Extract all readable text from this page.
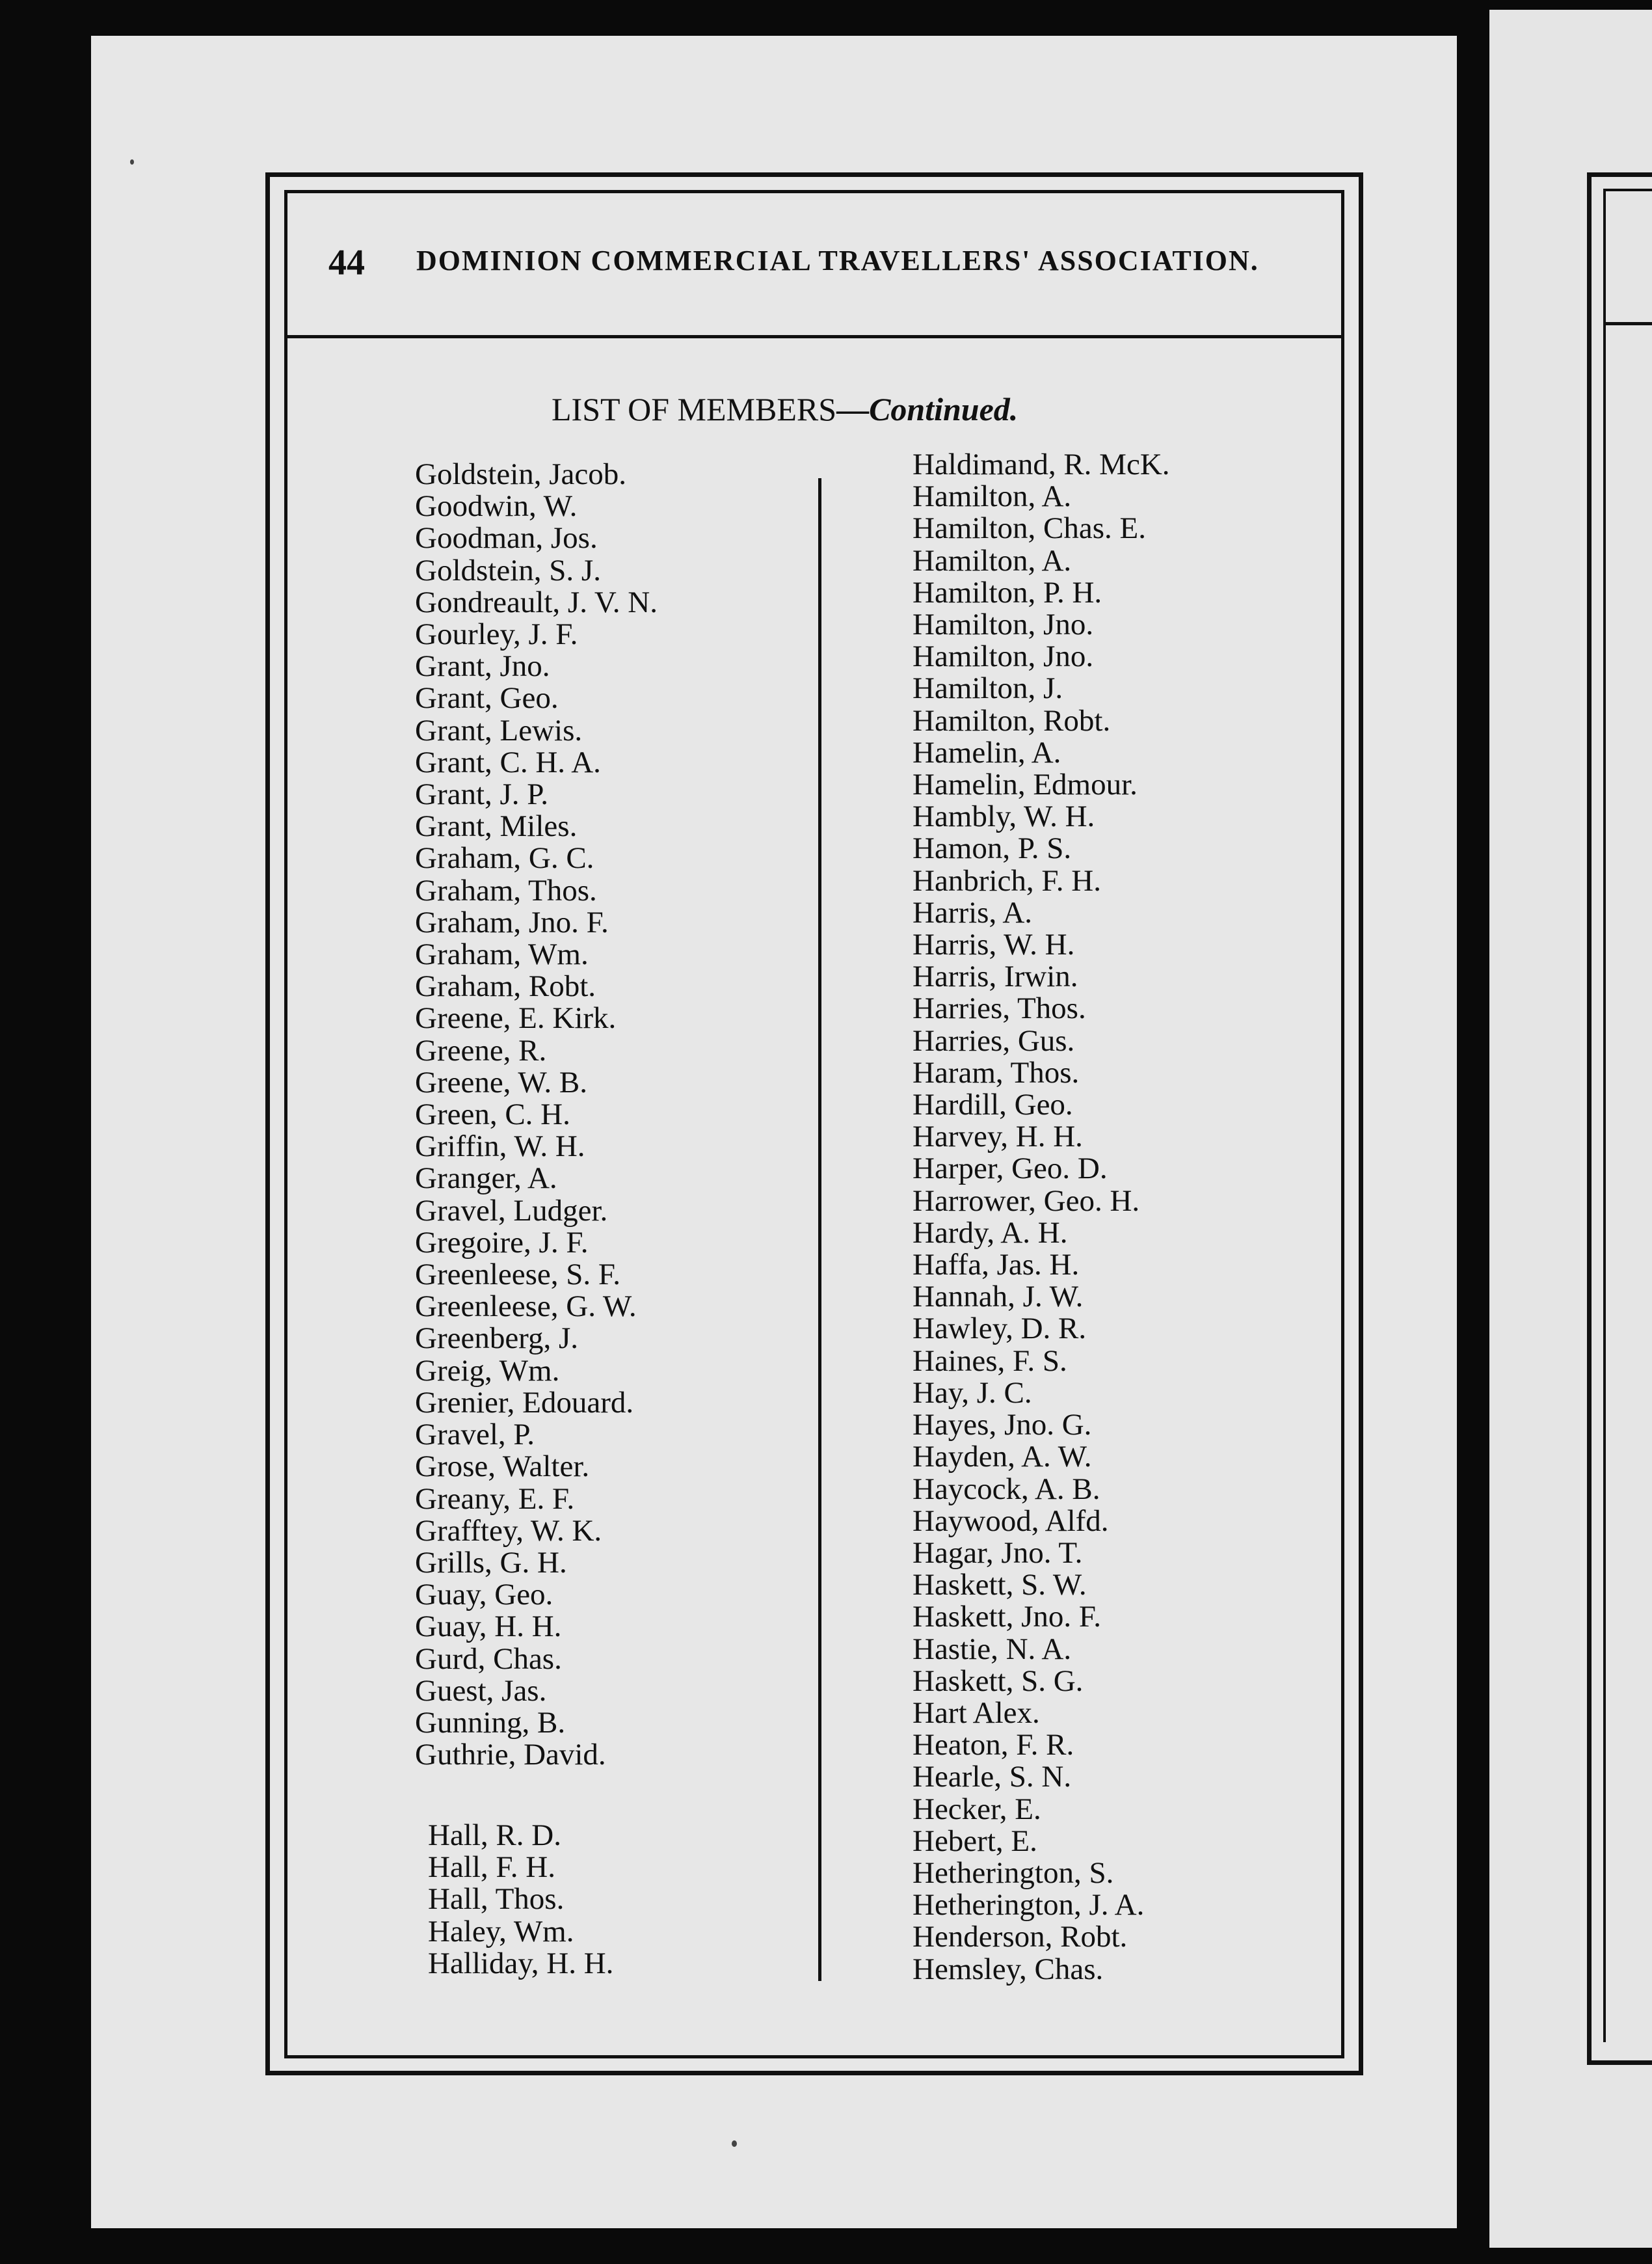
44 DOMINION COMMERCIAL TRAVELLERS' ASSOCIATION.
LIST OF MEMBERS—Continued.
Goldstein, Jacob.
Goodwin, W.
Goodman, Jos.
Goldstein, S. J.
Gondreault, J. V. N.
Gourley, J. F.
Grant, Jno.
Grant, Geo.
Grant, Lewis.
Grant, C. H. A.
Grant, J. P.
Grant, Miles.
Graham, G. C.
Graham, Thos.
Graham, Jno. F.
Graham, Wm.
Graham, Robt.
Greene, E. Kirk.
Greene, R.
Greene, W. B.
Green, C. H.
Griffin, W. H.
Granger, A.
Gravel, Ludger.
Gregoire, J. F.
Greenleese, S. F.
Greenleese, G. W.
Greenberg, J.
Greig, Wm.
Grenier, Edouard.
Gravel, P.
Grose, Walter.
Greany, E. F.
Grafftey, W. K.
Grills, G. H.
Guay, Geo.
Guay, H. H.
Gurd, Chas.
Guest, Jas.
Gunning, B.
Guthrie, David.
Hall, R. D.
Hall, F. H.
Hall, Thos.
Haley, Wm.
Halliday, H. H.
Haldimand, R. McK.
Hamilton, A.
Hamilton, Chas. E.
Hamilton, A.
Hamilton, P. H.
Hamilton, Jno.
Hamilton, Jno.
Hamilton, J.
Hamilton, Robt.
Hamelin, A.
Hamelin, Edmour.
Hambly, W. H.
Hamon, P. S.
Hanbrich, F. H.
Harris, A.
Harris, W. H.
Harris, Irwin.
Harries, Thos.
Harries, Gus.
Haram, Thos.
Hardill, Geo.
Harvey, H. H.
Harper, Geo. D.
Harrower, Geo. H.
Hardy, A. H.
Haffa, Jas. H.
Hannah, J. W.
Hawley, D. R.
Haines, F. S.
Hay, J. C.
Hayes, Jno. G.
Hayden, A. W.
Haycock, A. B.
Haywood, Alfd.
Hagar, Jno. T.
Haskett, S. W.
Haskett, Jno. F.
Hastie, N. A.
Haskett, S. G.
Hart Alex.
Heaton, F. R.
Hearle, S. N.
Hecker, E.
Hebert, E.
Hetherington, S.
Hetherington, J. A.
Henderson, Robt.
Hemsley, Chas.
